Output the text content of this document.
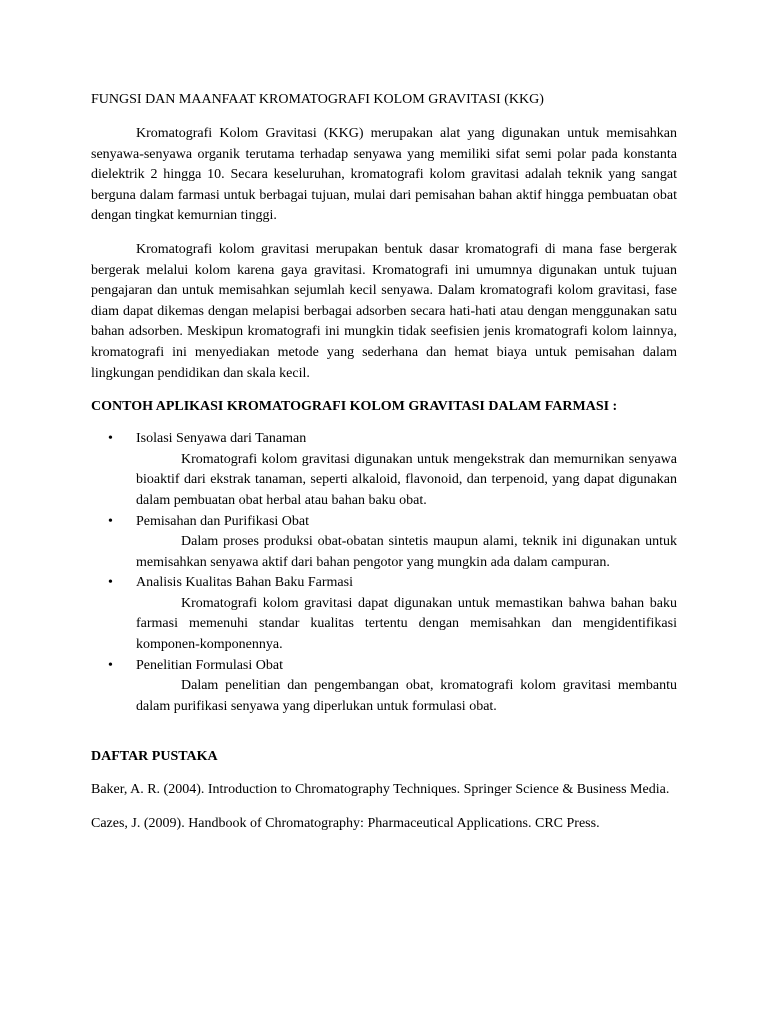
FUNGSI DAN MAANFAAT KROMATOGRAFI KOLOM GRAVITASI (KKG)

Kromatografi Kolom Gravitasi (KKG) merupakan alat yang digunakan untuk memisahkan senyawa-senyawa organik terutama terhadap senyawa yang memiliki sifat semi polar pada konstanta dielektrik 2 hingga 10. Secara keseluruhan, kromatografi kolom gravitasi adalah teknik yang sangat berguna dalam farmasi untuk berbagai tujuan, mulai dari pemisahan bahan aktif hingga pembuatan obat dengan tingkat kemurnian tinggi.

Kromatografi kolom gravitasi merupakan bentuk dasar kromatografi di mana fase bergerak bergerak melalui kolom karena gaya gravitasi. Kromatografi ini umumnya digunakan untuk tujuan pengajaran dan untuk memisahkan sejumlah kecil senyawa. Dalam kromatografi kolom gravitasi, fase diam dapat dikemas dengan melapisi berbagai adsorben secara hati-hati atau dengan menggunakan satu bahan adsorben. Meskipun kromatografi ini mungkin tidak seefisien jenis kromatografi kolom lainnya, kromatografi ini menyediakan metode yang sederhana dan hemat biaya untuk pemisahan dalam lingkungan pendidikan dan skala kecil.

CONTOH APLIKASI KROMATOGRAFI KOLOM GRAVITASI DALAM FARMASI :
• Isolasi Senyawa dari Tanaman
Kromatografi kolom gravitasi digunakan untuk mengekstrak dan memurnikan senyawa bioaktif dari ekstrak tanaman, seperti alkaloid, flavonoid, dan terpenoid, yang dapat digunakan dalam pembuatan obat herbal atau bahan baku obat.
• Pemisahan dan Purifikasi Obat
Dalam proses produksi obat-obatan sintetis maupun alami, teknik ini digunakan untuk memisahkan senyawa aktif dari bahan pengotor yang mungkin ada dalam campuran.
• Analisis Kualitas Bahan Baku Farmasi
Kromatografi kolom gravitasi dapat digunakan untuk memastikan bahwa bahan baku farmasi memenuhi standar kualitas tertentu dengan memisahkan dan mengidentifikasi komponen-komponennya.
• Penelitian Formulasi Obat
Dalam penelitian dan pengembangan obat, kromatografi kolom gravitasi membantu dalam purifikasi senyawa yang diperlukan untuk formulasi obat.
DAFTAR PUSTAKA

Baker, A. R. (2004). Introduction to Chromatography Techniques. Springer Science & Business Media.

Cazes, J. (2009). Handbook of Chromatography: Pharmaceutical Applications. CRC Press.
